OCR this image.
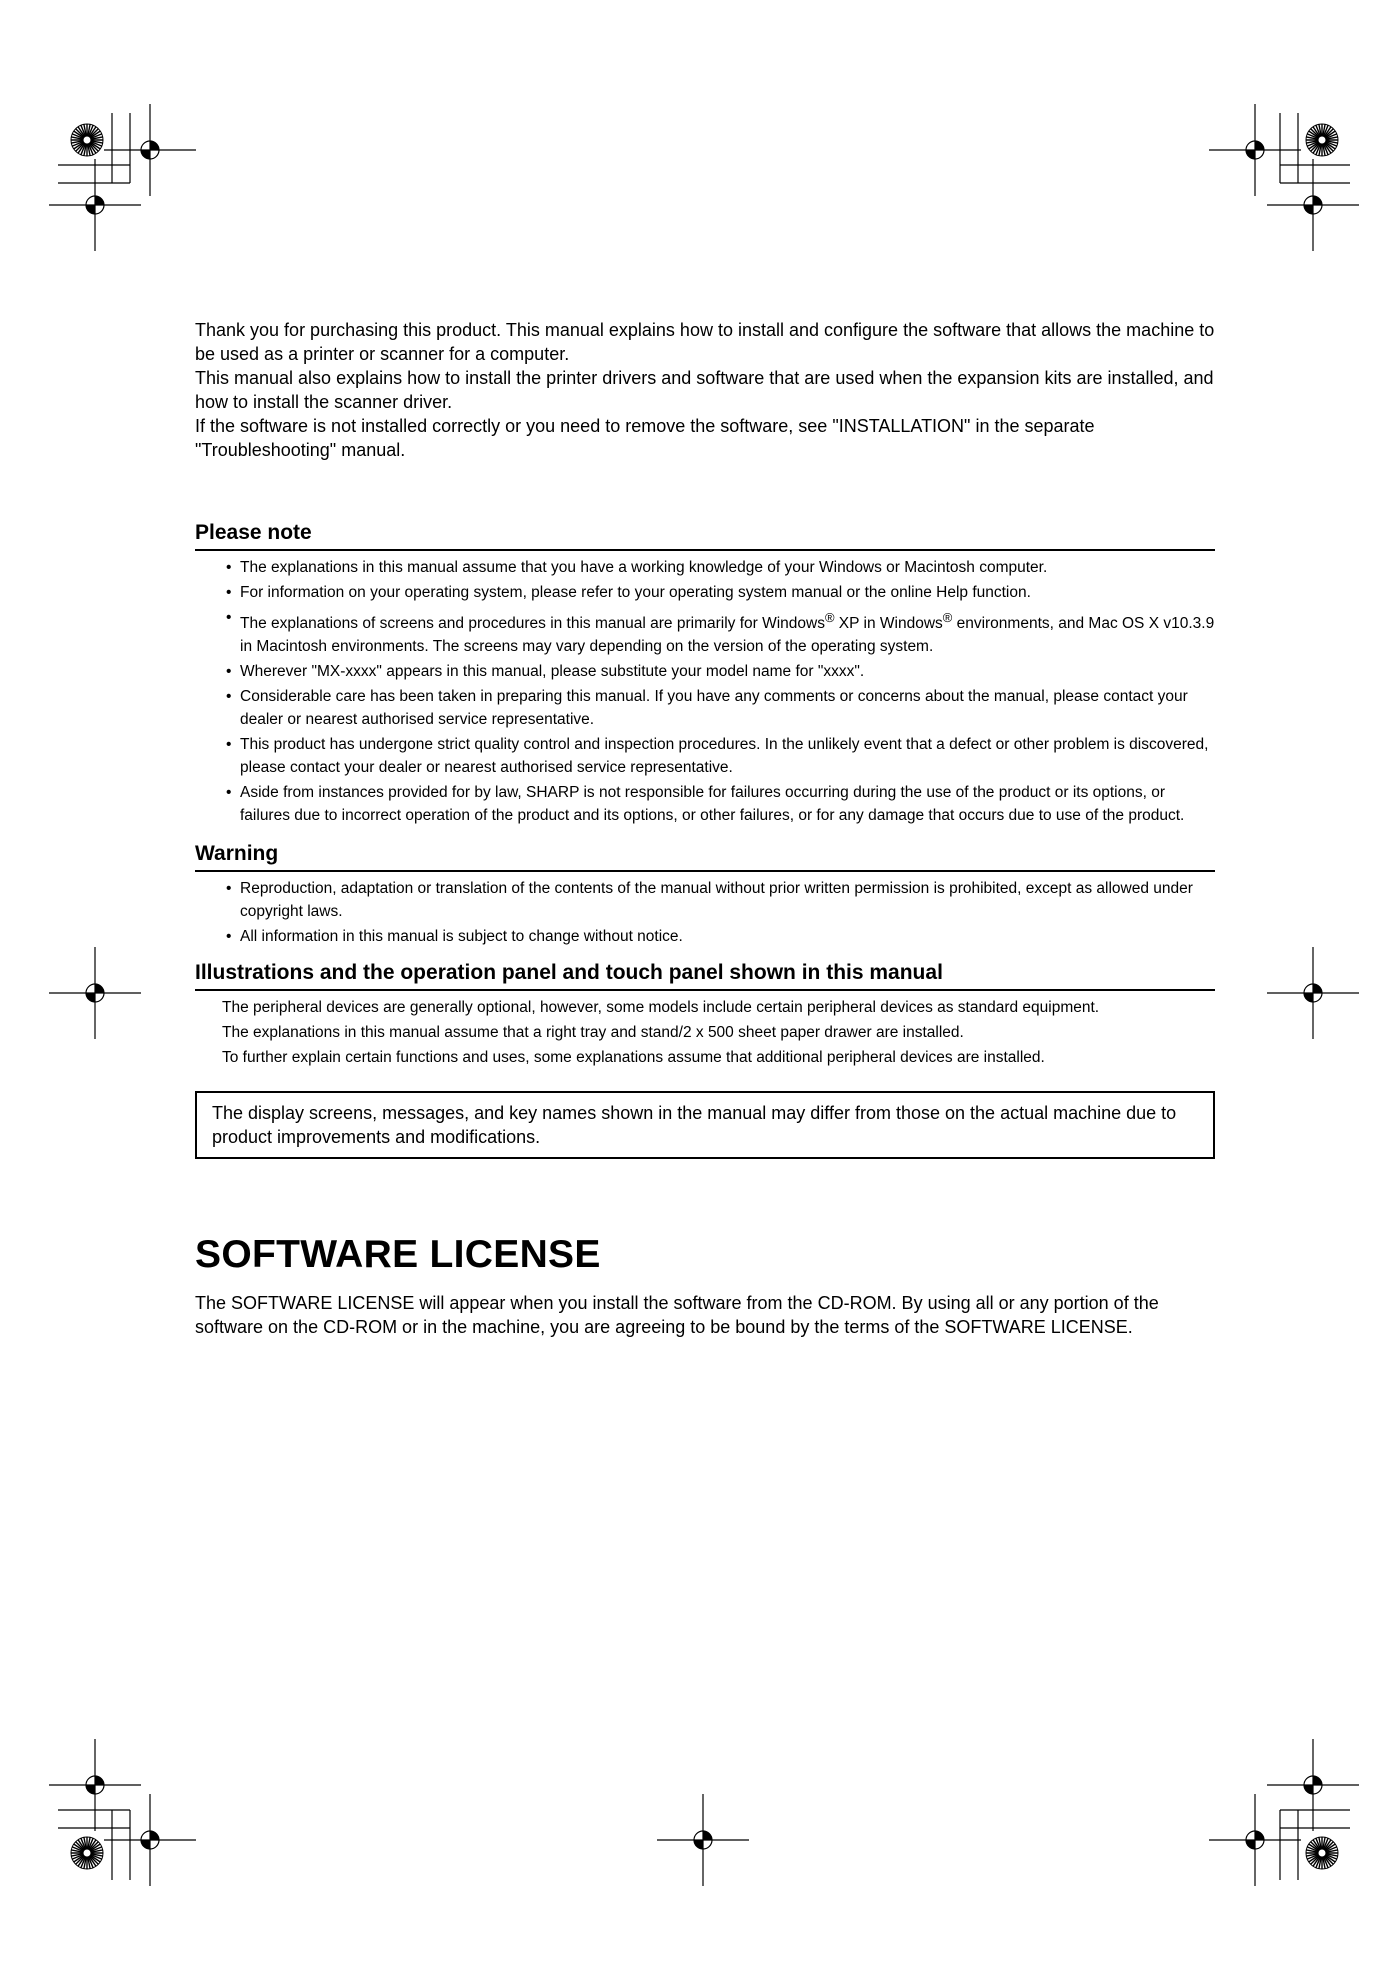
Thank you for purchasing this product. This manual explains how to install and configure the software that allows the machine to be used as a printer or scanner for a computer.

This manual also explains how to install the printer drivers and software that are used when the expansion kits are installed, and how to install the scanner driver.

If the software is not installed correctly or you need to remove the software, see "INSTALLATION" in the separate "Troubleshooting" manual.

Please note
• The explanations in this manual assume that you have a working knowledge of your Windows or Macintosh computer.
• For information on your operating system, please refer to your operating system manual or the online Help function.
• The explanations of screens and procedures in this manual are primarily for Windows® XP in Windows® environments, and Mac OS X v10.3.9 in Macintosh environments. The screens may vary depending on the version of the operating system.
• Wherever "MX-xxxx" appears in this manual, please substitute your model name for "xxxx".
• Considerable care has been taken in preparing this manual. If you have any comments or concerns about the manual, please contact your dealer or nearest authorised service representative.
• This product has undergone strict quality control and inspection procedures. In the unlikely event that a defect or other problem is discovered, please contact your dealer or nearest authorised service representative.
• Aside from instances provided for by law, SHARP is not responsible for failures occurring during the use of the product or its options, or failures due to incorrect operation of the product and its options, or other failures, or for any damage that occurs due to use of the product.
Warning
• Reproduction, adaptation or translation of the contents of the manual without prior written permission is prohibited, except as allowed under copyright laws.
• All information in this manual is subject to change without notice.
Illustrations and the operation panel and touch panel shown in this manual

The peripheral devices are generally optional, however, some models include certain peripheral devices as standard equipment.

The explanations in this manual assume that a right tray and stand/2 x 500 sheet paper drawer are installed.

To further explain certain functions and uses, some explanations assume that additional peripheral devices are installed.

The display screens, messages, and key names shown in the manual may differ from those on the actual machine due to product improvements and modifications.
SOFTWARE LICENSE

The SOFTWARE LICENSE will appear when you install the software from the CD-ROM. By using all or any portion of the software on the CD-ROM or in the machine, you are agreeing to be bound by the terms of the SOFTWARE LICENSE.
